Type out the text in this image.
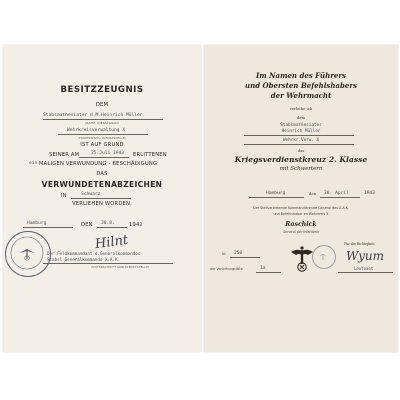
BESITZZEUGNIS
DEM
Stabsmathesiater d.M.Heinrich Müller
(NAME, DIENSTGRAD)
Wehrkreisverwaltung X
(TRUPPENTEIL, DIENSTSTELLE)
IST AUF GRUND
SEINER AM	25.Juli 1943 ERLITTENEN
ein MALIGEN VERWUNDUNG - BESCHÄDIGUNG
DAS
VERWUNDETENABZEICHEN
IN	Schwarz
VERLIEHEN WORDEN.
Hamburg	DEN 30.8.	1943
Hilnt
Der Feldkommandant d.Generalkommandos
Stabsl Generalkommando X.A.K.
(UNTERSCHRIFT UND DIENSTSTELLE)
Im Namen des Führers
und Obersten Befehlshabers
der Wehrmacht
verleihe ich
dem
Stabsmathesiater
Heinrich Müller
Wehrkr.Verw. X
das
Kriegsverdienstkreuz 2. Klasse
mit Schwertern
Hamburg	den 20. April	1943
Der Stellvertretende Kommandierende General des X.A.K.
und Befehlshaber im Wehrkreis X
Raschick
General der Infanterie
Nr. 256
der Verleihungsliste	1a
Für die Richtigkeit
Wyum
Leutnant
